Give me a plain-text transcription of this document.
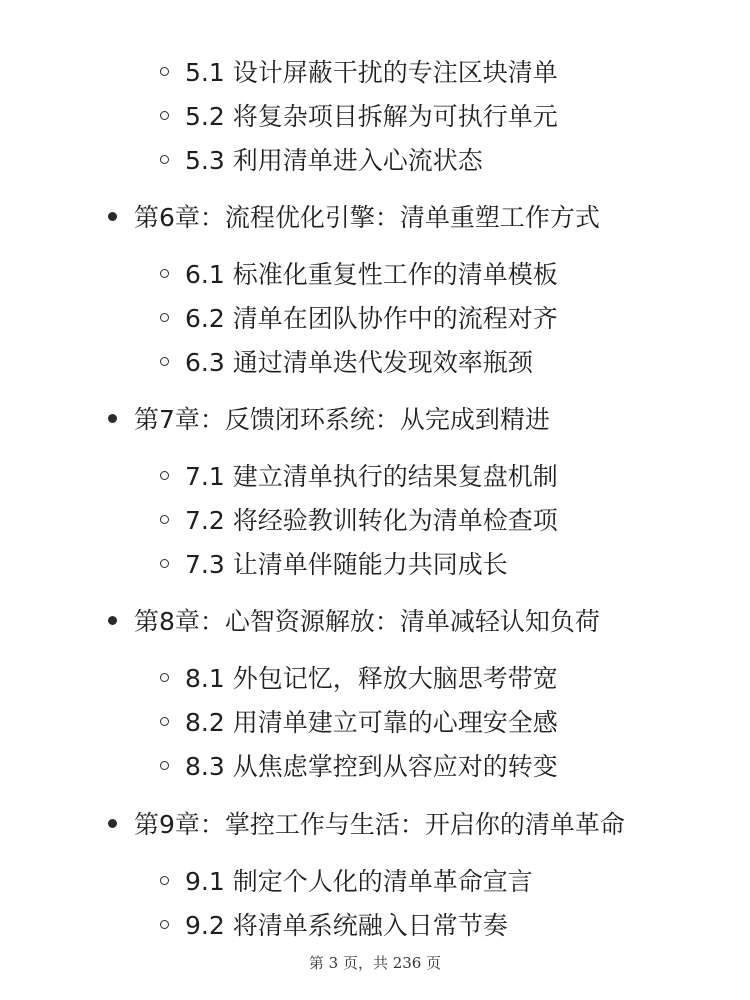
5.1 设计屏蔽干扰的专注区块清单
5.2 将复杂项目拆解为可执行单元
5.3 利用清单进入心流状态
第6章：流程优化引擎：清单重塑工作方式
6.1 标准化重复性工作的清单模板
6.2 清单在团队协作中的流程对齐
6.3 通过清单迭代发现效率瓶颈
第7章：反馈闭环系统：从完成到精进
7.1 建立清单执行的结果复盘机制
7.2 将经验教训转化为清单检查项
7.3 让清单伴随能力共同成长
第8章：心智资源解放：清单减轻认知负荷
8.1 外包记忆，释放大脑思考带宽
8.2 用清单建立可靠的心理安全感
8.3 从焦虑掌控到从容应对的转变
第9章：掌控工作与生活：开启你的清单革命
9.1 制定个人化的清单革命宣言
9.2 将清单系统融入日常节奏
第 3 页，共 236 页
